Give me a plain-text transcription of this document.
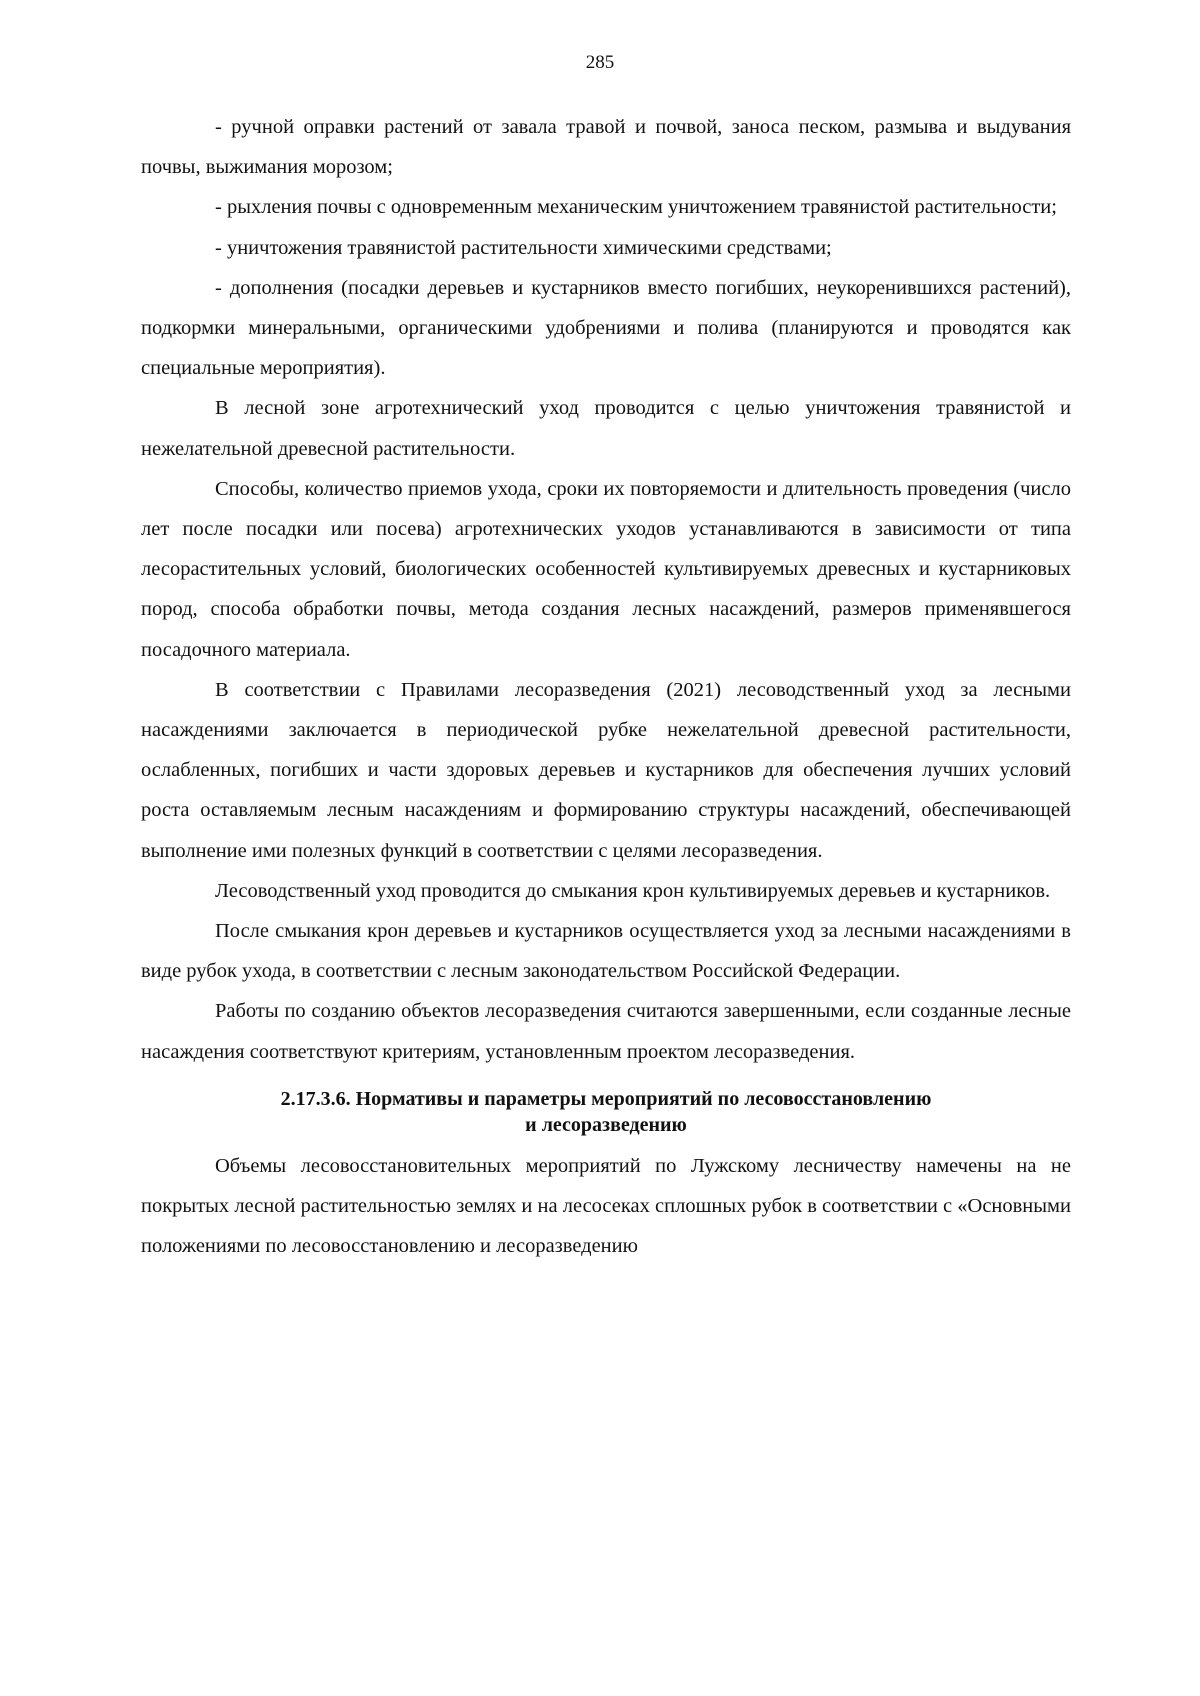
285

- ручной оправки растений от завала травой и почвой, заноса песком, размыва и выдувания почвы, выжимания морозом;

- рыхления почвы с одновременным механическим уничтожением травянистой растительности;

- уничтожения травянистой растительности химическими средствами;

- дополнения (посадки деревьев и кустарников вместо погибших, неукоренившихся растений), подкормки минеральными, органическими удобрениями и полива (планируются и проводятся как специальные мероприятия).

В лесной зоне агротехнический уход проводится с целью уничтожения травянистой и нежелательной древесной растительности.

Способы, количество приемов ухода, сроки их повторяемости и длительность проведения (число лет после посадки или посева) агротехнических уходов устанавливаются в зависимости от типа лесорастительных условий, биологических особенностей культивируемых древесных и кустарниковых пород, способа обработки почвы, метода создания лесных насаждений, размеров применявшегося посадочного материала.

В соответствии с Правилами лесоразведения (2021) лесоводственный уход за лесными насаждениями заключается в периодической рубке нежелательной древесной растительности, ослабленных, погибших и части здоровых деревьев и кустарников для обеспечения лучших условий роста оставляемым лесным насаждениям и формированию структуры насаждений, обеспечивающей выполнение ими полезных функций в соответствии с целями лесоразведения.

Лесоводственный уход проводится до смыкания крон культивируемых деревьев и кустарников.

После смыкания крон деревьев и кустарников осуществляется уход за лесными насаждениями в виде рубок ухода, в соответствии с лесным законодательством Российской Федерации.

Работы по созданию объектов лесоразведения считаются завершенными, если созданные лесные насаждения соответствуют критериям, установленным проектом лесоразведения.

2.17.3.6. Нормативы и параметры мероприятий по лесовосстановлению
и лесоразведению

Объемы лесовосстановительных мероприятий по Лужскому лесничеству намечены на не покрытых лесной растительностью землях и на лесосеках сплошных рубок в соответствии с «Основными положениями по лесовосстановлению и лесоразведению
